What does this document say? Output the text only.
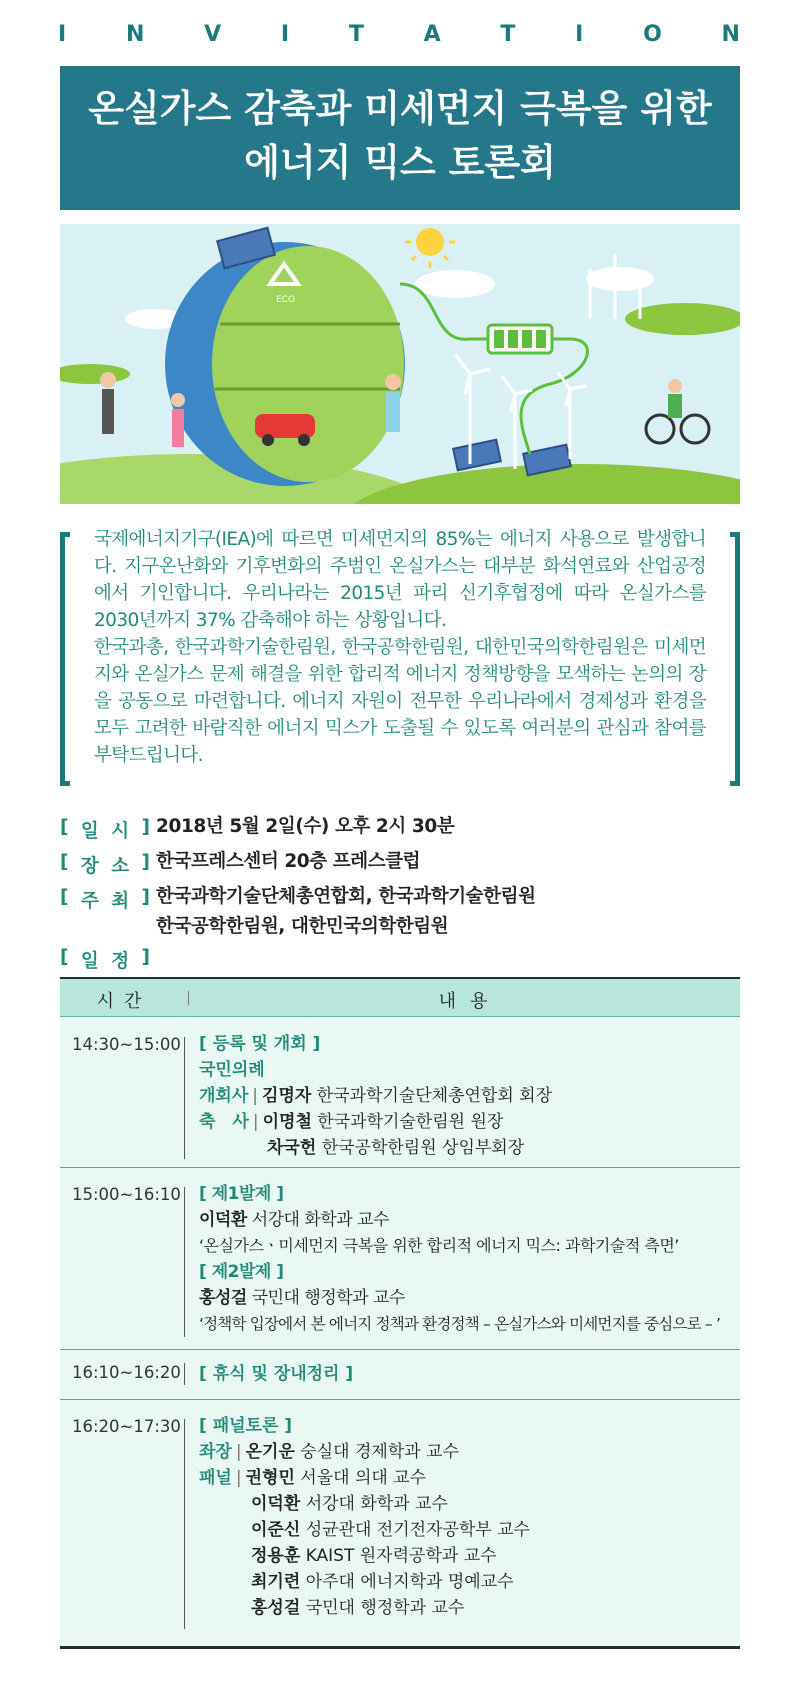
I	N	V	I	T	A	T	I	O	N
온실가스 감축과 미세먼지 극복을 위한
에너지 믹스 토론회
ECO

국제에너지기구(IEA)에 따르면 미세먼지의 85%는 에너지 사용으로 발생합니다. 지구온난화와 기후변화의 주범인 온실가스는 대부분 화석연료와 산업공정에서 기인합니다. 우리나라는 2015년 파리 신기후협정에 따라 온실가스를 2030년까지 37% 감축해야 하는 상황입니다.

한국과총, 한국과학기술한림원, 한국공학한림원, 대한민국의학한림원은 미세먼지와 온실가스 문제 해결을 위한 합리적 에너지 정책방향을 모색하는 논의의 장을 공동으로 마련합니다. 에너지 자원이 전무한 우리나라에서 경제성과 환경을 모두 고려한 바람직한 에너지 믹스가 도출될 수 있도록 여러분의 관심과 참여를 부탁드립니다.

[ 일 시 ] 2018년 5월 2일(수) 오후 2시 30분
[ 장 소 ] 한국프레스센터 20층 프레스클럽
[ 주 최 ] 한국과학기술단체총연합회, 한국과학기술한림원
한국공학한림원, 대한민국의학한림원
[ 일 정 ]
시간	내용
14:30~15:00 [ 등록 및 개회 ]
국민의례
개회사 | 김명자 한국과학기술단체총연합회 회장
축　사 | 이명철 한국과학기술한림원 원장
차국헌 한국공학한림원 상임부회장
15:00~16:10 [ 제1발제 ]
이덕환 서강대 화학과 교수
‘온실가스ㆍ미세먼지 극복을 위한 합리적 에너지 믹스: 과학기술적 측면’
[ 제2발제 ]
홍성걸 국민대 행정학과 교수
‘정책학 입장에서 본 에너지 정책과 환경정책 – 온실가스와 미세먼지를 중심으로 – ’
16:10~16:20 [ 휴식 및 장내정리 ]
16:20~17:30 [ 패널토론 ]
좌장 | 온기운 숭실대 경제학과 교수
패널 | 권형민 서울대 의대 교수
이덕환 서강대 화학과 교수
이준신 성균관대 전기전자공학부 교수
정용훈 KAIST 원자력공학과 교수
최기련 아주대 에너지학과 명예교수
홍성걸 국민대 행정학과 교수
